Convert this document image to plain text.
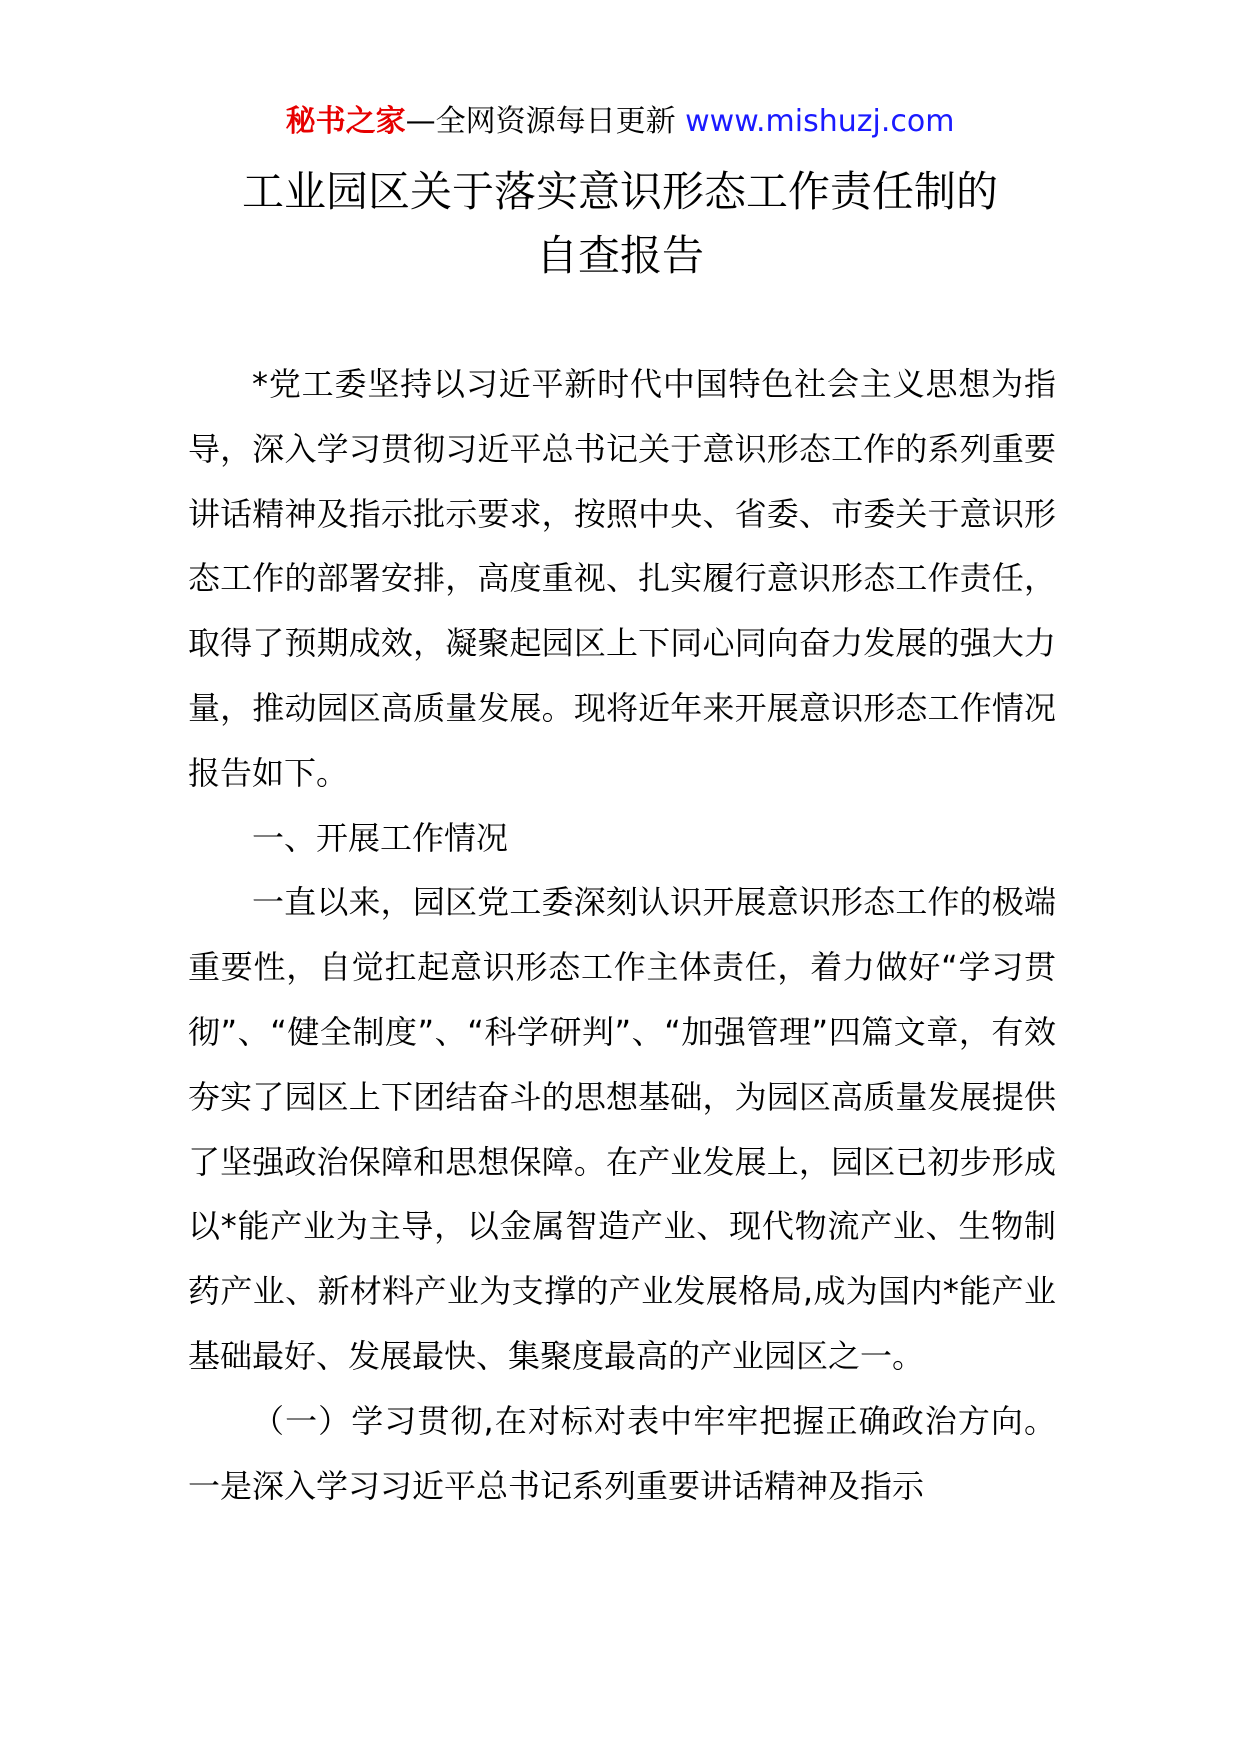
秘书之家—全网资源每日更新 www.mishuzj.com
工业园区关于落实意识形态工作责任制的
自查报告

*党工委坚持以习近平新时代中国特色社会主义思想为指导，深入学习贯彻习近平总书记关于意识形态工作的系列重要讲话精神及指示批示要求，按照中央、省委、市委关于意识形态工作的部署安排，高度重视、扎实履行意识形态工作责任，取得了预期成效，凝聚起园区上下同心同向奋力发展的强大力量，推动园区高质量发展。现将近年来开展意识形态工作情况报告如下。

一、开展工作情况

一直以来，园区党工委深刻认识开展意识形态工作的极端重要性，自觉扛起意识形态工作主体责任，着力做好“学习贯彻”、“健全制度”、“科学研判”、“加强管理”四篇文章，有效夯实了园区上下团结奋斗的思想基础，为园区高质量发展提供了坚强政治保障和思想保障。在产业发展上，园区已初步形成以*能产业为主导，以金属智造产业、现代物流产业、生物制药产业、新材料产业为支撑的产业发展格局,成为国内*能产业基础最好、发展最快、集聚度最高的产业园区之一。

（一）学习贯彻,在对标对表中牢牢把握正确政治方向。一是深入学习习近平总书记系列重要讲话精神及指示
